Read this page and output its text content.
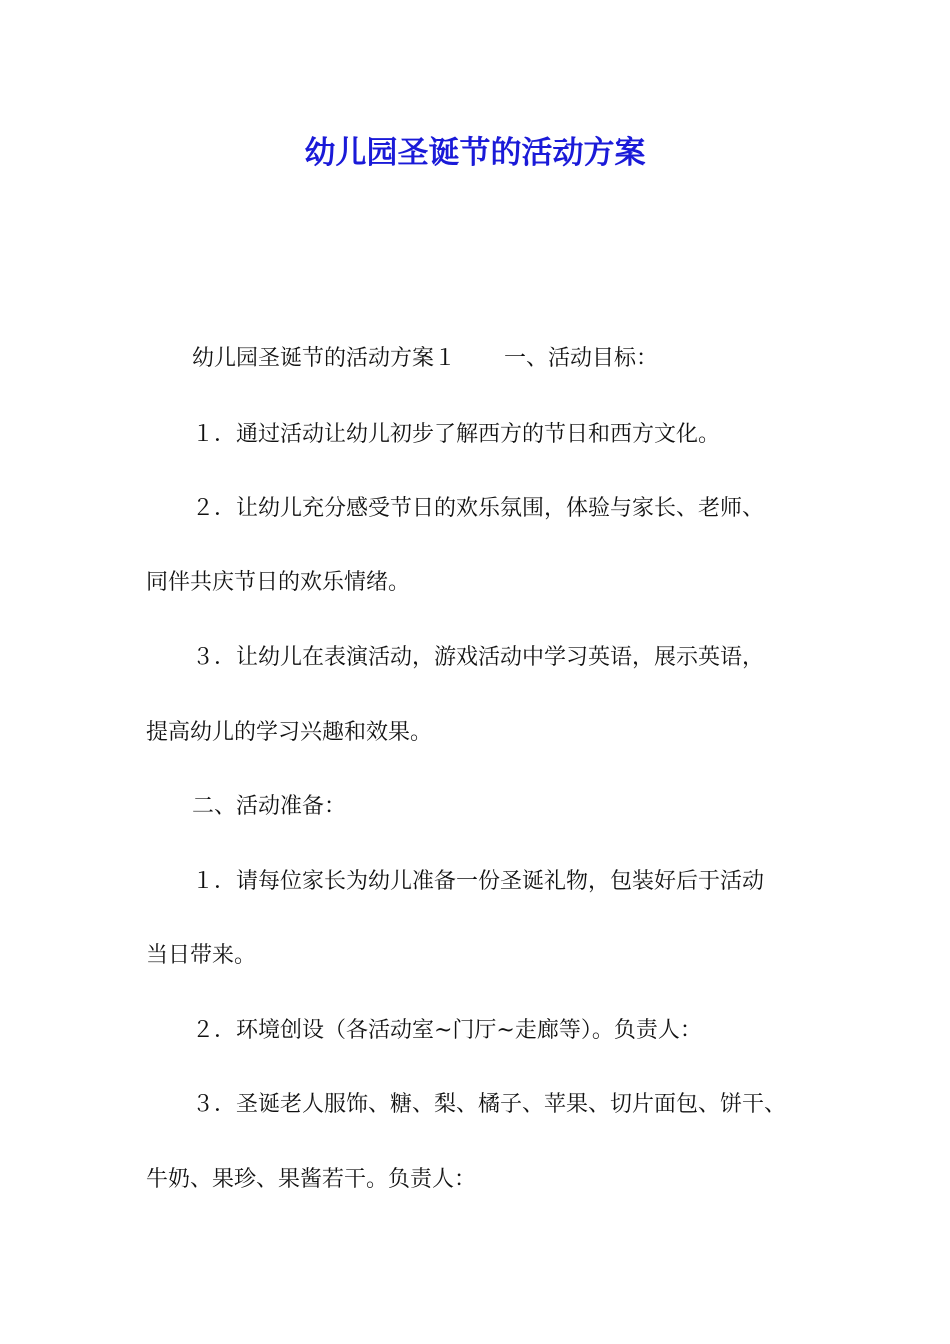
幼儿园圣诞节的活动方案
幼儿园圣诞节的活动方案１ 一、活动目标：
１．通过活动让幼儿初步了解西方的节日和西方文化。
２．让幼儿充分感受节日的欢乐氛围，体验与家长、老师、
同伴共庆节日的欢乐情绪。
３．让幼儿在表演活动，游戏活动中学习英语，展示英语，
提高幼儿的学习兴趣和效果。
二、活动准备：
１．请每位家长为幼儿准备一份圣诞礼物，包装好后于活动
当日带来。
２．环境创设（各活动室~门厅~走廊等）。负责人：
３．圣诞老人服饰、糖、梨、橘子、苹果、切片面包、饼干、
牛奶、果珍、果酱若干。负责人：
